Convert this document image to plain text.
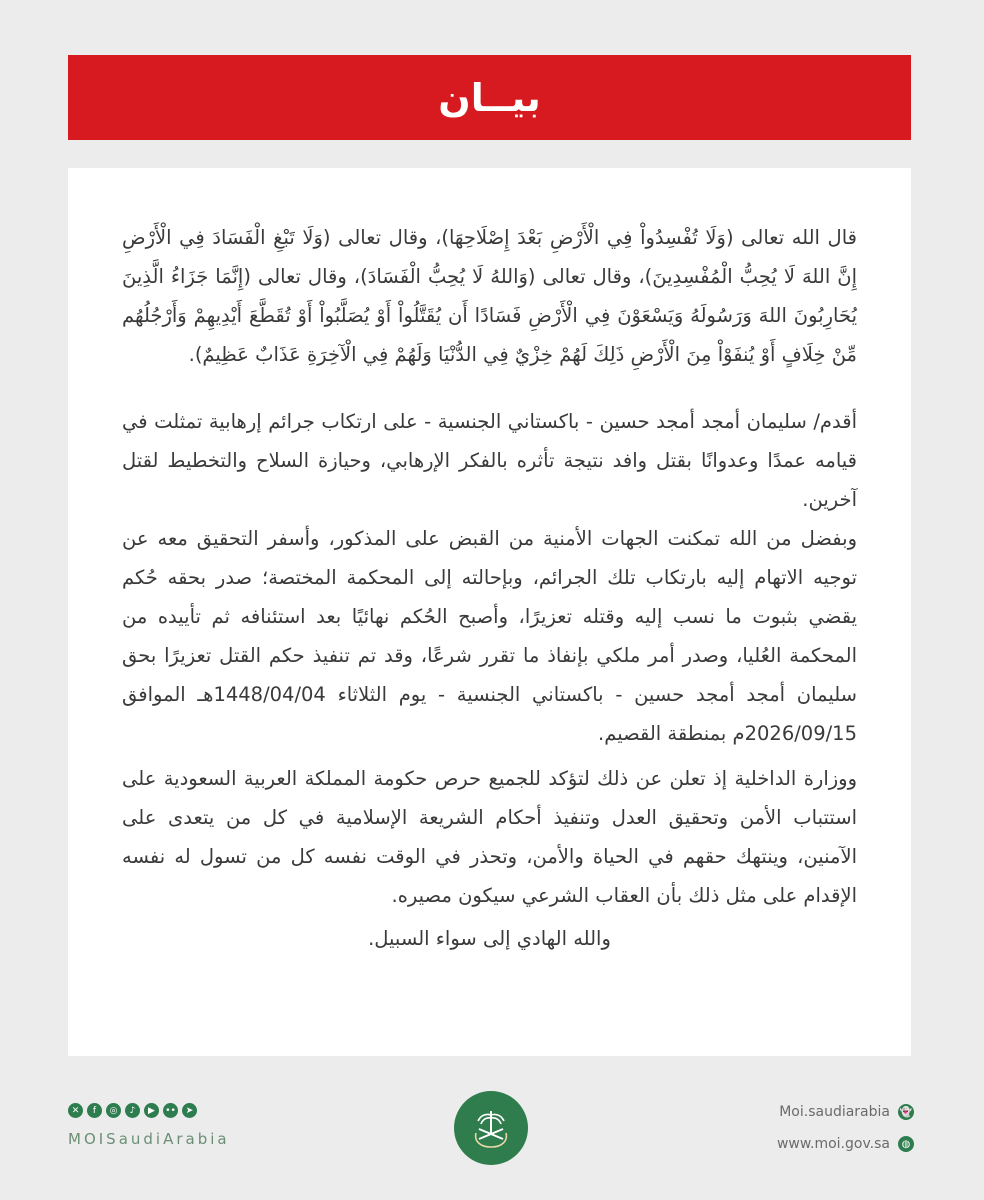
بيــان

قال الله تعالى (وَلَا تُفْسِدُواْ فِي الْأَرْضِ بَعْدَ إِصْلَاحِهَا)، وقال تعالى (وَلَا تَبْغِ الْفَسَادَ فِي الْأَرْضِ إِنَّ اللهَ لَا يُحِبُّ الْمُفْسِدِينَ)، وقال تعالى (وَاللهُ لَا يُحِبُّ الْفَسَادَ)، وقال تعالى (إِنَّمَا جَزَاءُ الَّذِينَ يُحَارِبُونَ اللهَ وَرَسُولَهُ وَيَسْعَوْنَ فِي الْأَرْضِ فَسَادًا أَن يُقَتَّلُواْ أَوْ يُصَلَّبُواْ أَوْ تُقَطَّعَ أَيْدِيهِمْ وَأَرْجُلُهُم مِّنْ خِلَافٍ أَوْ يُنفَوْاْ مِنَ الْأَرْضِ ذَلِكَ لَهُمْ خِزْيٌ فِي الدُّنْيَا وَلَهُمْ فِي الْآخِرَةِ عَذَابٌ عَظِيمٌ).

أقدم/ سليمان أمجد أمجد حسين - باكستاني الجنسية - على ارتكاب جرائم إرهابية تمثلت في قيامه عمدًا وعدوانًا بقتل وافد نتيجة تأثره بالفكر الإرهابي، وحيازة السلاح والتخطيط لقتل آخرين.

وبفضل من الله تمكنت الجهات الأمنية من القبض على المذكور، وأسفر التحقيق معه عن توجيه الاتهام إليه بارتكاب تلك الجرائم، وبإحالته إلى المحكمة المختصة؛ صدر بحقه حُكم يقضي بثبوت ما نسب إليه وقتله تعزيرًا، وأصبح الحُكم نهائيًا بعد استئنافه ثم تأييده من المحكمة العُليا، وصدر أمر ملكي بإنفاذ ما تقرر شرعًا، وقد تم تنفيذ حكم القتل تعزيرًا بحق سليمان أمجد أمجد حسين - باكستاني الجنسية - يوم الثلاثاء 1448/04/04هـ الموافق 2026/09/15م بمنطقة القصيم.

ووزارة الداخلية إذ تعلن عن ذلك لتؤكد للجميع حرص حكومة المملكة العربية السعودية على استتباب الأمن وتحقيق العدل وتنفيذ أحكام الشريعة الإسلامية في كل من يتعدى على الآمنين، وينتهك حقهم في الحياة والأمن، وتحذر في الوقت نفسه كل من تسول له نفسه الإقدام على مثل ذلك بأن العقاب الشرعي سيكون مصيره.

والله الهادي إلى سواء السبيل.

✕	f	◎	♪	▶	••	➤
MOISaudiArabia
Moi.saudiarabia 👻
www.moi.gov.sa	◍
